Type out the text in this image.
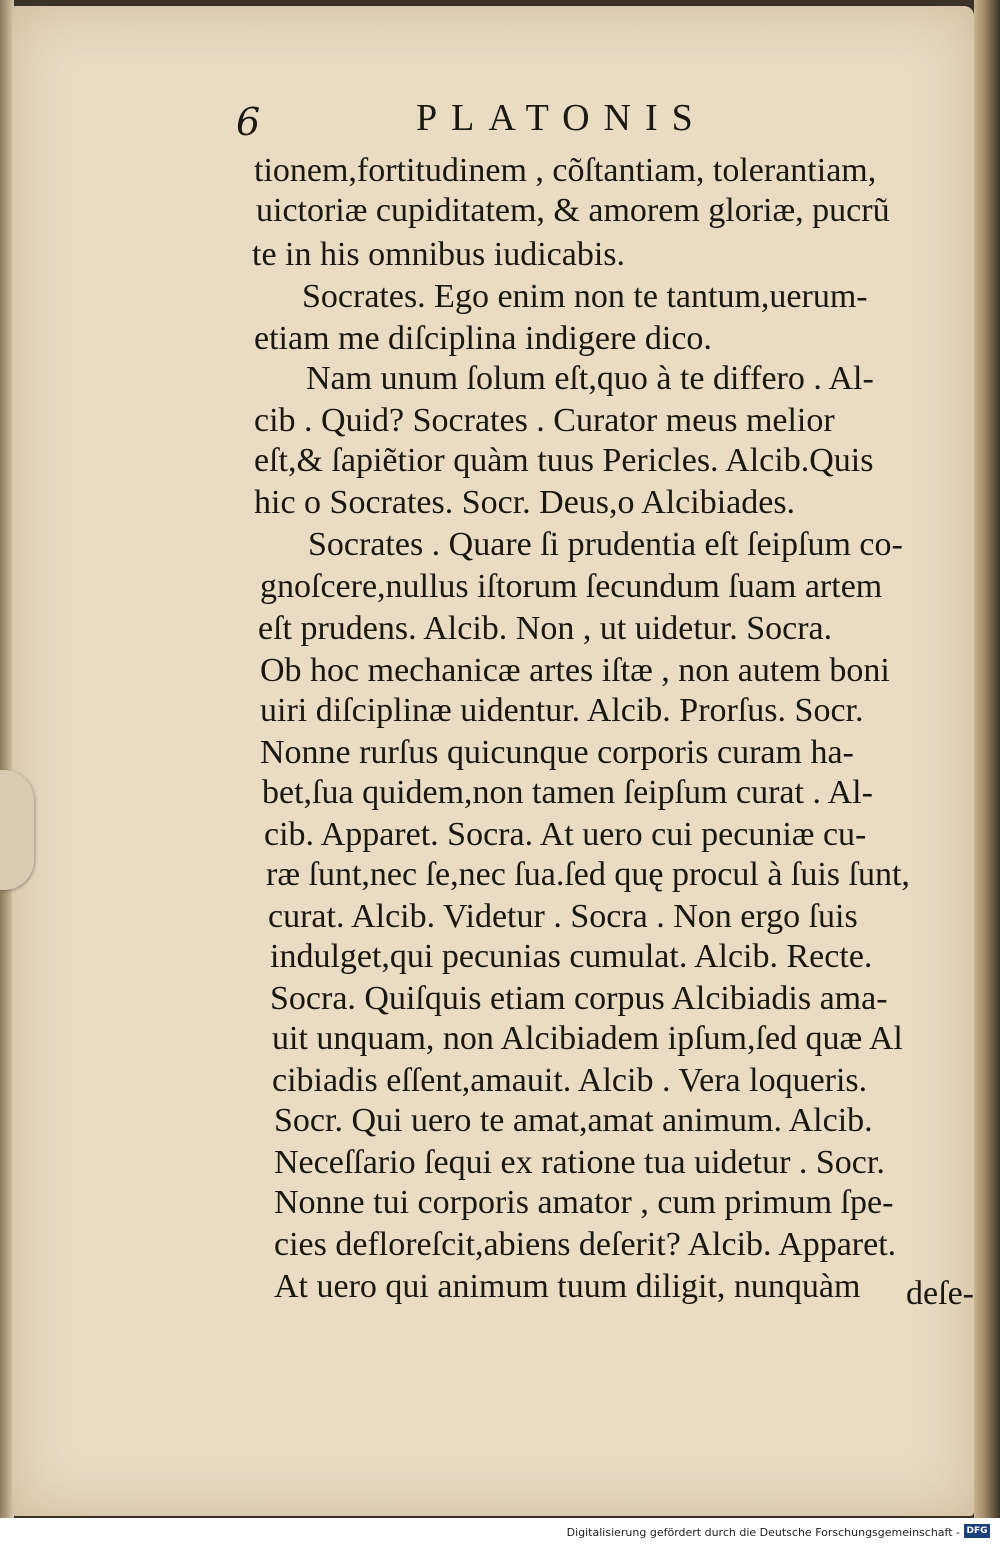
6	PLATONIS
tionem,fortitudinem , cõſtantiam, tolerantiam,
uictoriæ cupiditatem, & amorem gloriæ, pucrũ
te in his omnibus iudicabis.
Socrates. Ego enim non te tantum,uerum-
etiam me diſciplina indigere dico.
Nam unum ſolum eſt,quo à te differo . Al-
cib . Quid? Socrates . Curator meus melior
eſt,& ſapiẽtior quàm tuus Pericles. Alcib.Quis
hic o Socrates. Socr. Deus,o Alcibiades.
Socrates . Quare ſi prudentia eſt ſeipſum co-
gnoſcere,nullus iſtorum ſecundum ſuam artem
eſt prudens. Alcib. Non , ut uidetur. Socra.
Ob hoc mechanicæ artes iſtæ , non autem boni
uiri diſciplinæ uidentur. Alcib. Prorſus. Socr.
Nonne rurſus quicunque corporis curam ha-
bet,ſua quidem,non tamen ſeipſum curat . Al-
cib. Apparet. Socra. At uero cui pecuniæ cu-
ræ ſunt,nec ſe,nec ſua.ſed quę procul à ſuis ſunt,
curat. Alcib. Videtur . Socra . Non ergo ſuis
indulget,qui pecunias cumulat. Alcib. Recte.
Socra. Quiſquis etiam corpus Alcibiadis ama-
uit unquam, non Alcibiadem ipſum,ſed quæ Al
cibiadis eſſent,amauit. Alcib . Vera loqueris.
Socr. Qui uero te amat,amat animum. Alcib.
Neceſſario ſequi ex ratione tua uidetur . Socr.
Nonne tui corporis amator , cum primum ſpe-
cies defloreſcit,abiens deſerit? Alcib. Apparet.
At uero qui animum tuum diligit, nunquàm deſe-
Digitalisierung gefördert durch die Deutsche Forschungsgemeinschaft - DFG
